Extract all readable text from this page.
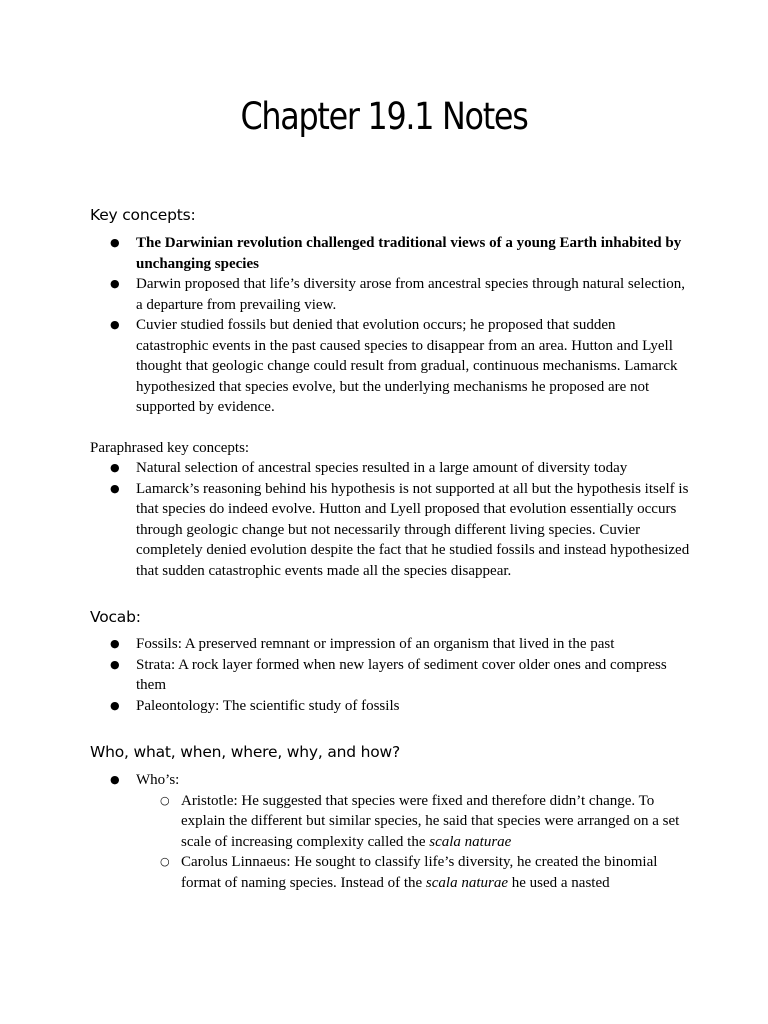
Chapter 19.1 Notes
Key concepts:
● The Darwinian revolution challenged traditional views of a young Earth inhabited by unchanging species
● Darwin proposed that life’s diversity arose from ancestral species through natural selection, a departure from prevailing view.
● Cuvier studied fossils but denied that evolution occurs; he proposed that sudden catastrophic events in the past caused species to disappear from an area. Hutton and Lyell thought that geologic change could result from gradual, continuous mechanisms. Lamarck hypothesized that species evolve, but the underlying mechanisms he proposed are not supported by evidence.

Paraphrased key concepts:

● Natural selection of ancestral species resulted in a large amount of diversity today
● Lamarck’s reasoning behind his hypothesis is not supported at all but the hypothesis itself is that species do indeed evolve. Hutton and Lyell proposed that evolution essentially occurs through geologic change but not necessarily through different living species. Cuvier completely denied evolution despite the fact that he studied fossils and instead hypothesized that sudden catastrophic events made all the species disappear.
Vocab:
● Fossils: A preserved remnant or impression of an organism that lived in the past
● Strata: A rock layer formed when new layers of sediment cover older ones and compress them
● Paleontology: The scientific study of fossils
Who, what, when, where, why, and how?
● Who’s:
○ Aristotle: He suggested that species were fixed and therefore didn’t change. To explain the different but similar species, he said that species were arranged on a set scale of increasing complexity called the scala naturae
○ Carolus Linnaeus: He sought to classify life’s diversity, he created the binomial format of naming species. Instead of the scala naturae he used a nasted
